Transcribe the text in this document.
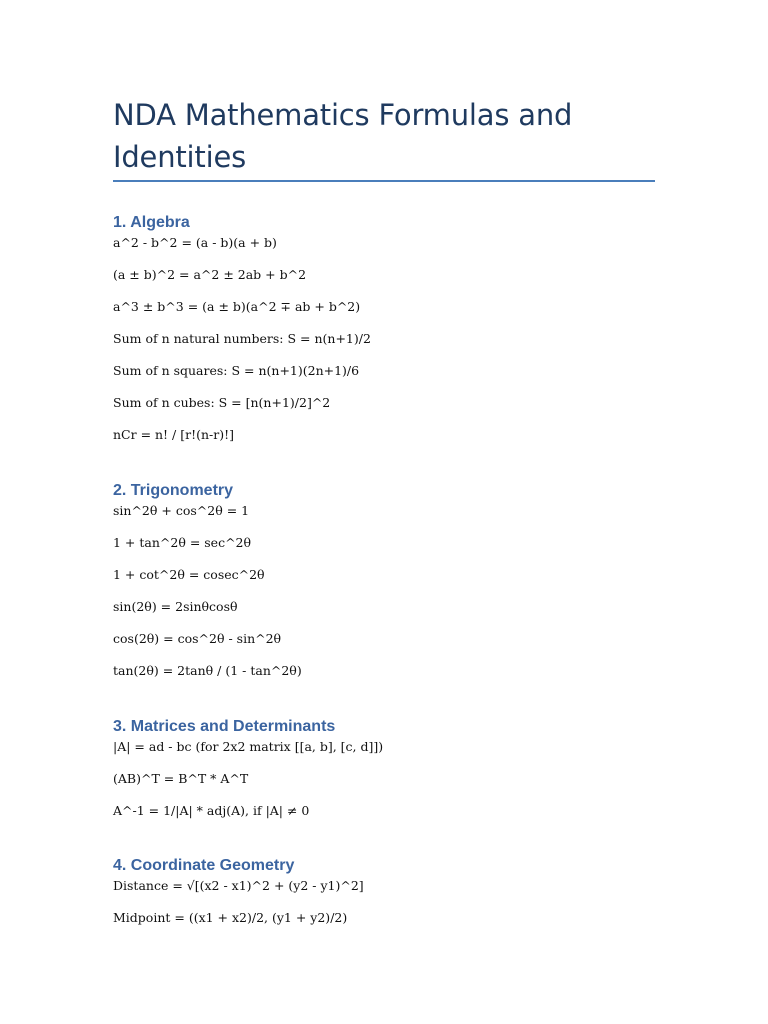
NDA Mathematics Formulas and Identities
1. Algebra

a^2 - b^2 = (a - b)(a + b)

(a ± b)^2 = a^2 ± 2ab + b^2

a^3 ± b^3 = (a ± b)(a^2 ∓ ab + b^2)

Sum of n natural numbers: S = n(n+1)/2

Sum of n squares: S = n(n+1)(2n+1)/6

Sum of n cubes: S = [n(n+1)/2]^2

nCr = n! / [r!(n-r)!]

2. Trigonometry

sin^2θ + cos^2θ = 1

1 + tan^2θ = sec^2θ

1 + cot^2θ = cosec^2θ

sin(2θ) = 2sinθcosθ

cos(2θ) = cos^2θ - sin^2θ

tan(2θ) = 2tanθ / (1 - tan^2θ)

3. Matrices and Determinants

|A| = ad - bc (for 2x2 matrix [[a, b], [c, d]])

(AB)^T = B^T * A^T

A^-1 = 1/|A| * adj(A), if |A| ≠ 0

4. Coordinate Geometry

Distance = √[(x2 - x1)^2 + (y2 - y1)^2]

Midpoint = ((x1 + x2)/2, (y1 + y2)/2)
